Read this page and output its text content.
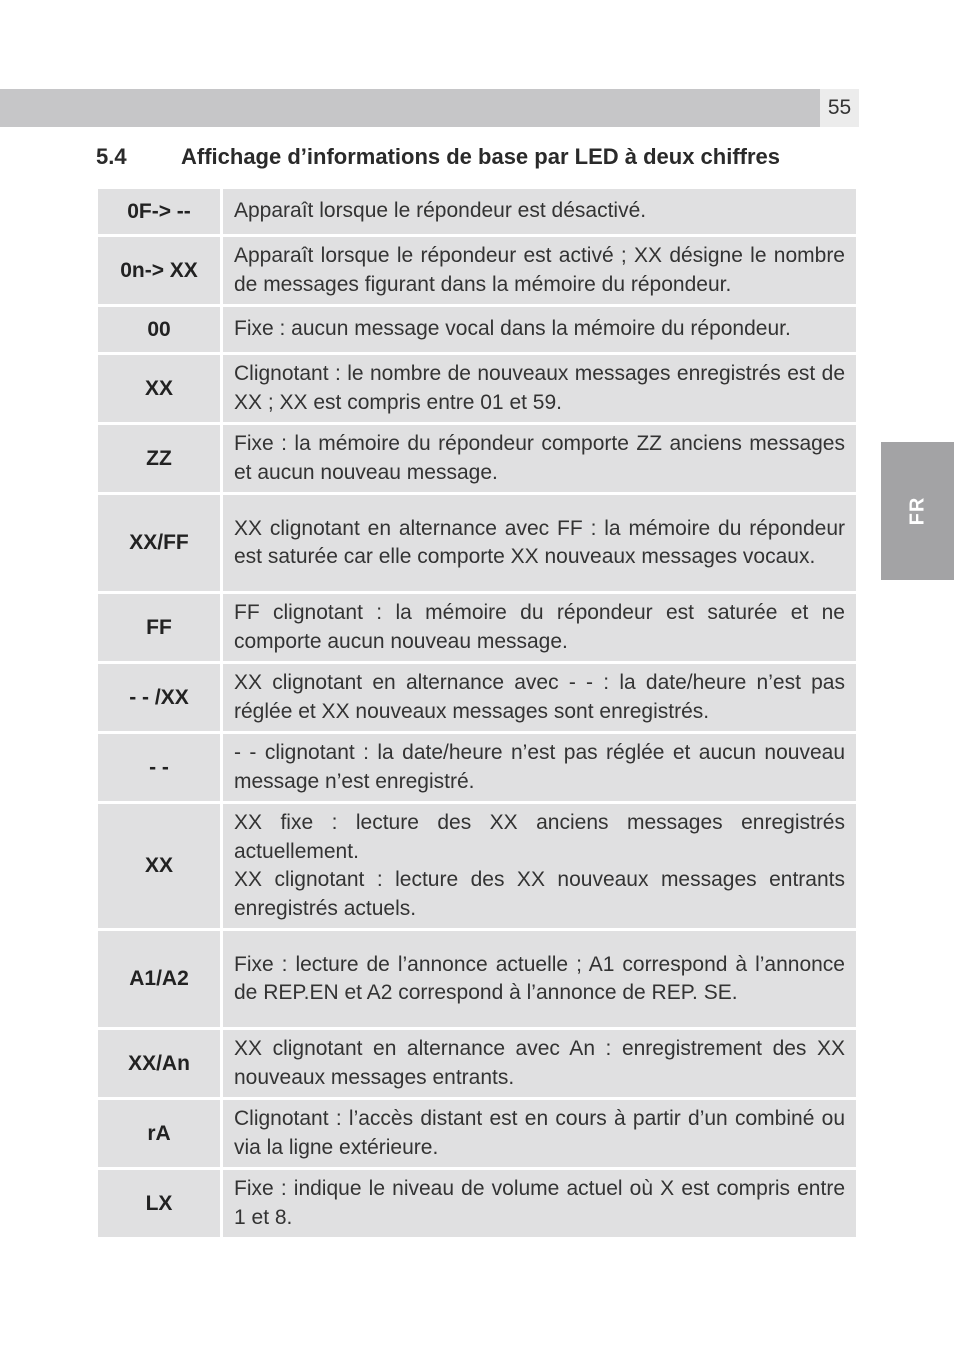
55
FR
5.4 Affichage d’informations de base par LED à deux chiffres
0F-> --	Apparaît lorsque le répondeur est désactivé.

0n-> XX	Apparaît lorsque le répondeur est activé ; XX désigne le nombre de messages figurant dans la mémoire du répondeur.

00	Fixe : aucun message vocal dans la mémoire du répondeur.

XX	Clignotant : le nombre de nouveaux messages enregistrés est de XX ; XX est compris entre 01 et 59.

ZZ	Fixe : la mémoire du répondeur comporte ZZ anciens messages et aucun nouveau message.

XX/FF	XX clignotant en alternance avec FF : la mémoire du répondeur est saturée car elle comporte XX nouveaux messages vocaux.

FF	FF clignotant : la mémoire du répondeur est saturée et ne comporte aucun nouveau message.

- - /XX	XX clignotant en alternance avec - - : la date/heure n’est pas réglée et XX nouveaux messages sont enregistrés.

- -	- - clignotant : la date/heure n’est pas réglée et aucun nouveau message n’est enregistré.

XX	XX fixe : lecture des XX anciens messages enregistrés actuellement.
XX clignotant : lecture des XX nouveaux messages entrants enregistrés actuels.

A1/A2	Fixe : lecture de l’annonce actuelle ; A1 correspond à l’annonce de REP.EN et A2 correspond à l’annonce de REP. SE.

XX/An	XX clignotant en alternance avec An : enregistrement des XX nouveaux messages entrants.

rA	Clignotant : l’accès distant est en cours à partir d’un combiné ou via la ligne extérieure.

LX	Fixe : indique le niveau de volume actuel où X est compris entre 1 et 8.
